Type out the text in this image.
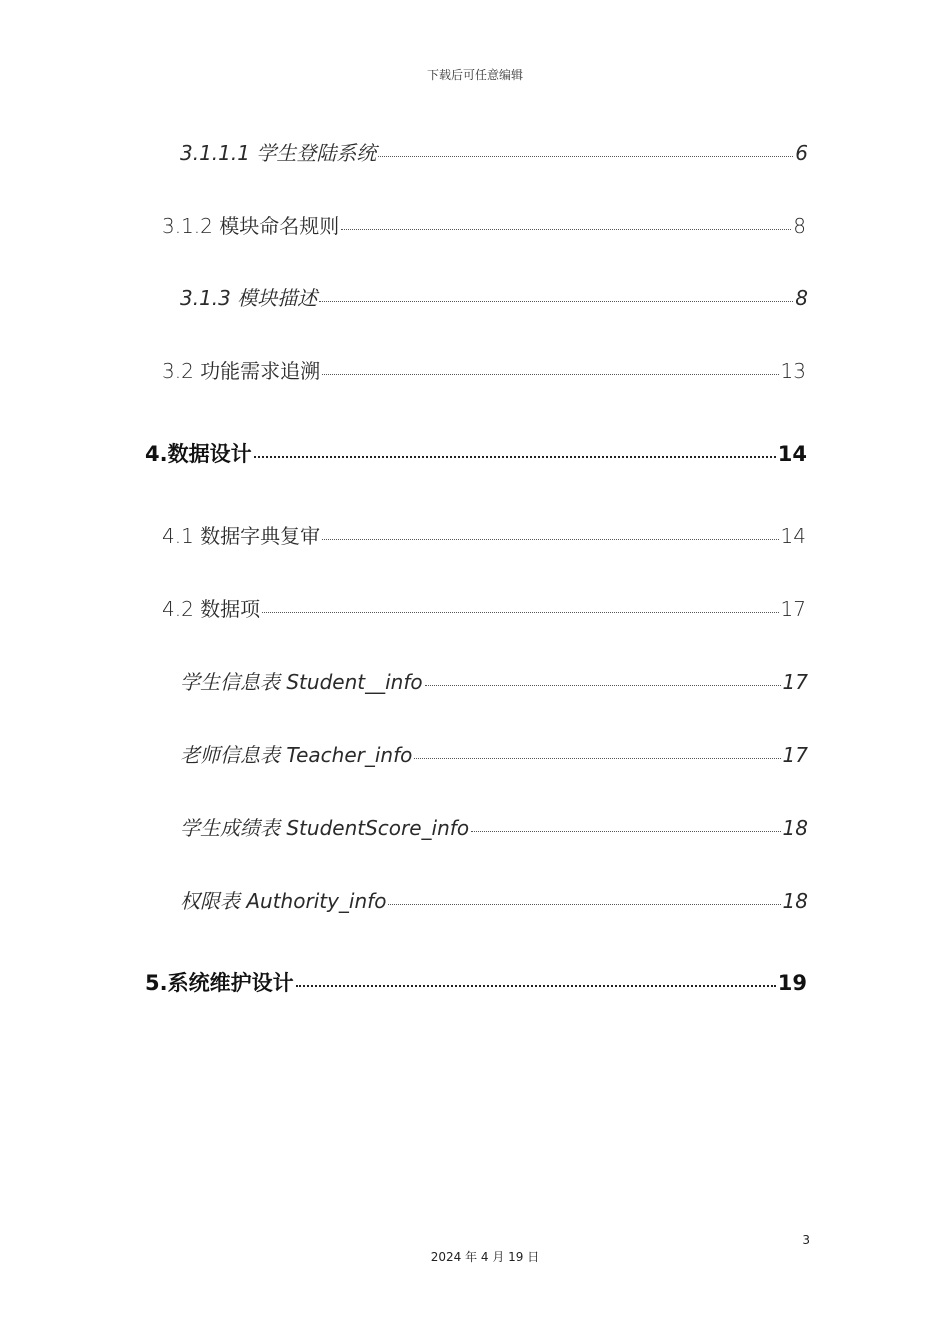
下载后可任意编辑
3.1.1.1 学生登陆系统	6
3.1.2 模块命名规则	8
3.1.3 模块描述	8
3.2 功能需求追溯	13
4.数据设计	14
4.1 数据字典复审	14
4.2 数据项	17
学生信息表 Student__info	17
老师信息表 Teacher_info	17
学生成绩表 StudentScore_info	18
权限表 Authority_info	18
5.系统维护设计	19
3
2024 年 4 月 19 日
